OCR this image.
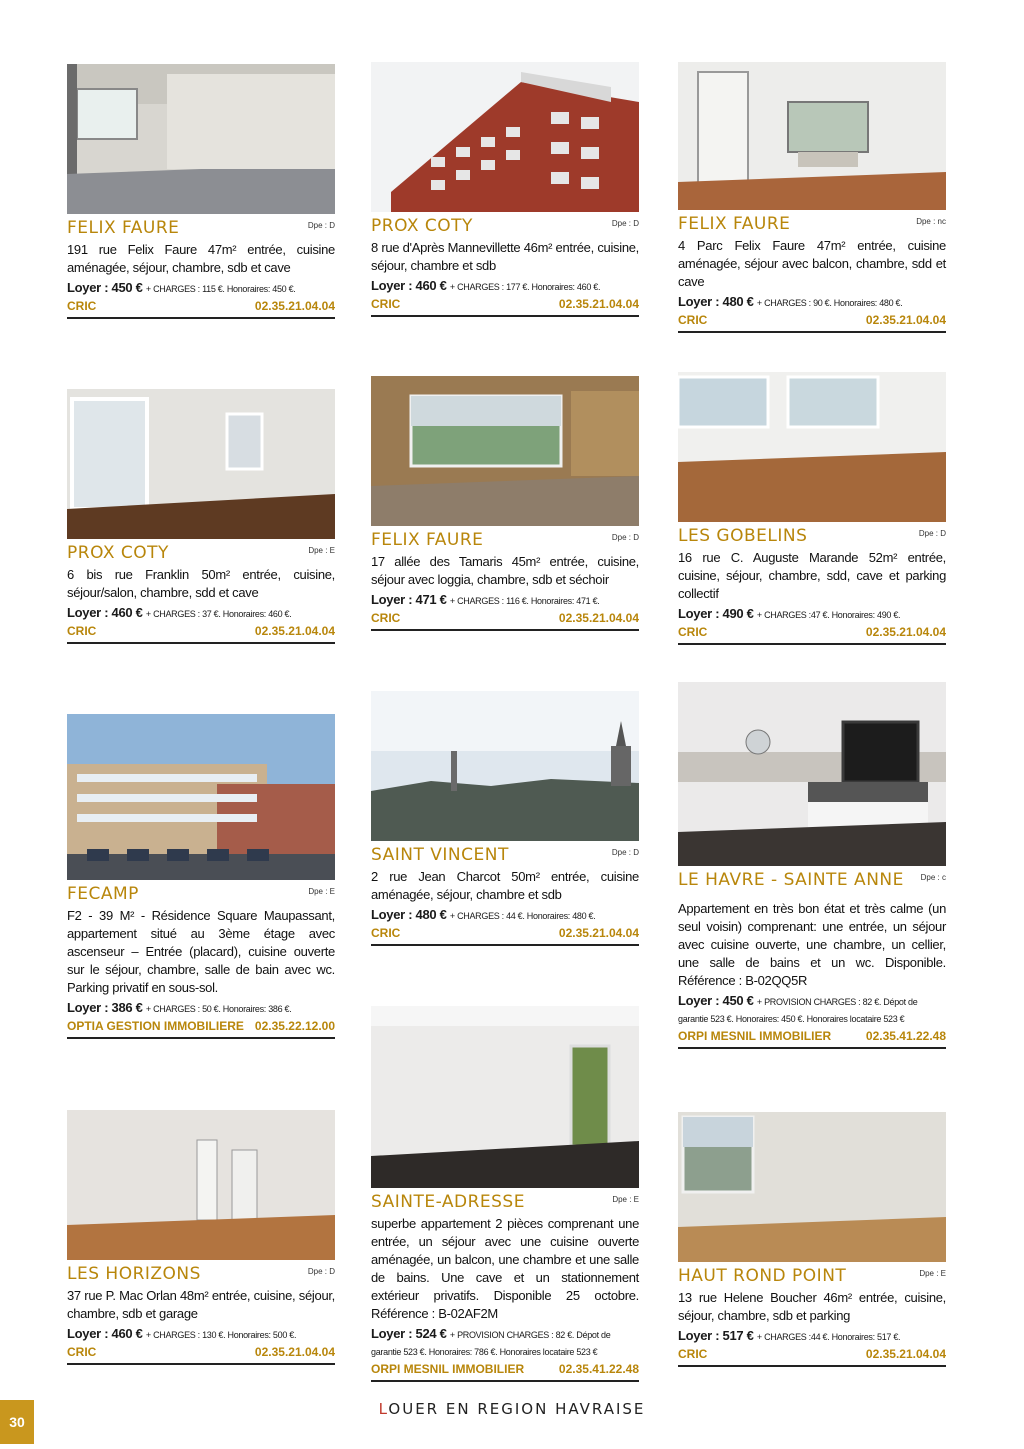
FELIX FAURE	Dpe : D
191 rue Felix Faure 47m² entrée, cuisine aménagée, séjour, chambre, sdb et cave
Loyer : 450 € + CHARGES : 115 €. Honoraires: 450 €.
CRIC	02.35.21.04.04
PROX COTY	Dpe : D
8 rue d'Après Mannevillette 46m² entrée, cuisine, séjour, chambre et sdb
Loyer : 460 € + CHARGES : 177 €. Honoraires: 460 €.
CRIC	02.35.21.04.04
FELIX FAURE	Dpe : nc
4 Parc Felix Faure 47m² entrée, cuisine aménagée, séjour avec balcon, chambre, sdd et cave
Loyer : 480 € + CHARGES : 90 €. Honoraires: 480 €.
CRIC	02.35.21.04.04
PROX COTY	Dpe : E
6 bis rue Franklin 50m² entrée, cuisine, séjour/salon, chambre, sdd et cave
Loyer : 460 € + CHARGES : 37 €. Honoraires: 460 €.
CRIC	02.35.21.04.04
FELIX FAURE	Dpe : D
17 allée des Tamaris 45m² entrée, cuisine, séjour avec loggia, chambre, sdb et séchoir
Loyer : 471 € + CHARGES : 116 €. Honoraires: 471 €.
CRIC	02.35.21.04.04
LES GOBELINS	Dpe : D
16 rue C. Auguste Marande 52m² entrée, cuisine, séjour, chambre, sdd, cave et parking collectif
Loyer : 490 € + CHARGES :47 €. Honoraires: 490 €.
CRIC	02.35.21.04.04
FECAMP	Dpe : E
F2 - 39 M² - Résidence Square Maupassant, appartement situé au 3ème étage avec ascenseur – Entrée (placard), cuisine ouverte sur le séjour, chambre, salle de bain avec wc. Parking privatif en sous-sol.
Loyer : 386 € + CHARGES : 50 €. Honoraires: 386 €.
OPTIA GESTION IMMOBILIERE 02.35.22.12.00
SAINT VINCENT	Dpe : D
2 rue Jean Charcot 50m² entrée, cuisine aménagée, séjour, chambre et sdb
Loyer : 480 € + CHARGES : 44 €. Honoraires: 480 €.
CRIC	02.35.21.04.04
LE HAVRE - SAINTE ANNE Dpe : c
Appartement en très bon état et très calme (un seul voisin) comprenant: une entrée, un séjour avec cuisine ouverte, une chambre, un cellier, une salle de bains et un wc. Disponible. Référence : B-02QQ5R
Loyer : 450 € + PROVISION CHARGES : 82 €. Dépot de garantie 523 €. Honoraires: 450 €. Honoraires locataire 523 €
ORPI MESNIL IMMOBILIER	02.35.41.22.48
LES HORIZONS	Dpe : D
37 rue P. Mac Orlan 48m² entrée, cuisine, séjour, chambre, sdb et garage
Loyer : 460 € + CHARGES : 130 €. Honoraires: 500 €.
CRIC	02.35.21.04.04
SAINTE-ADRESSE	Dpe : E
superbe appartement 2 pièces comprenant une entrée, un séjour avec une cuisine ouverte aménagée, un balcon, une chambre et une salle de bains. Une cave et un stationnement extérieur privatifs. Disponible 25 octobre. Référence : B-02AF2M
Loyer : 524 € + PROVISION CHARGES : 82 €. Dépot de garantie 523 €. Honoraires: 786 €. Honoraires locataire 523 €
ORPI MESNIL IMMOBILIER	02.35.41.22.48
HAUT ROND POINT	Dpe : E
13 rue Helene Boucher 46m² entrée, cuisine, séjour, chambre, sdb et parking
Loyer : 517 € + CHARGES :44 €. Honoraires: 517 €.
CRIC	02.35.21.04.04
30
LOUER EN REGION HAVRAISE
